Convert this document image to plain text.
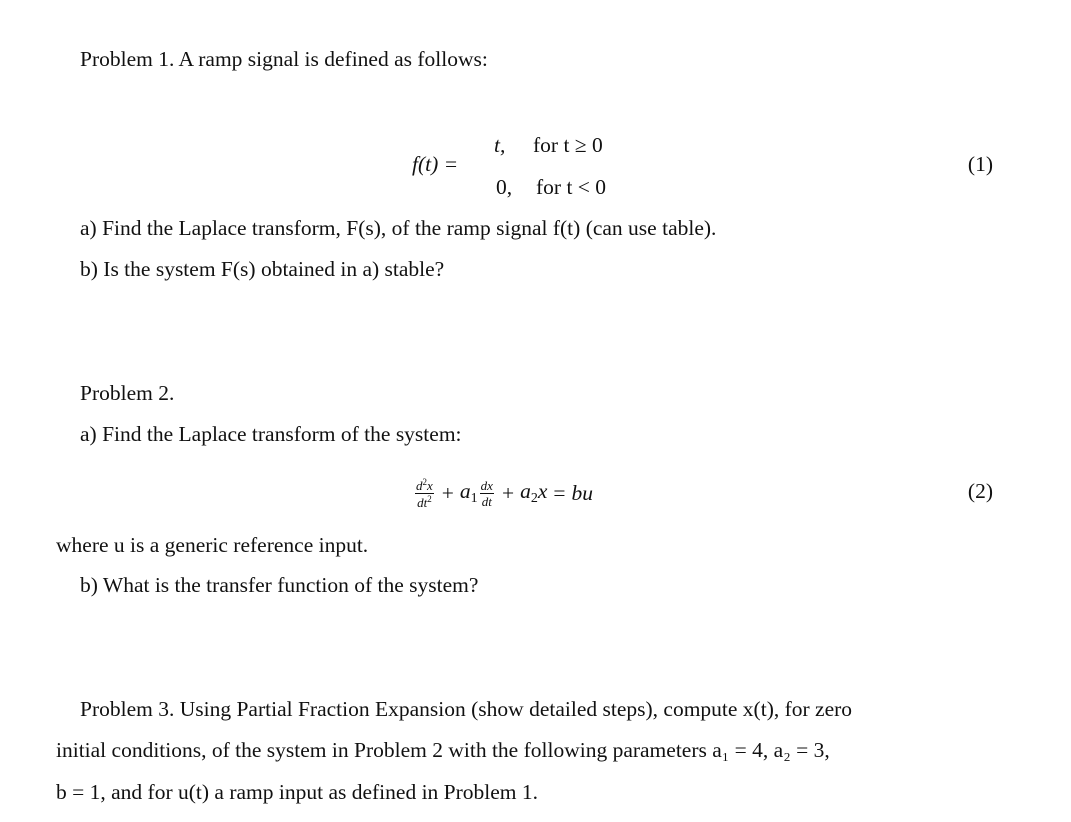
Problem 1. A ramp signal is defined as follows:
f(t) =
t, for t ≥ 0
0, for t < 0
(1)
a) Find the Laplace transform, F(s), of the ramp signal f(t) (can use table).
b) Is the system F(s) obtained in a) stable?
Problem 2.
a) Find the Laplace transform of the system:
$\frac{d^2x}{dt^2} + a_1 \frac{dx}{dt} + a_2x$ = bu	(2)
where u is a generic reference input.
b) What is the transfer function of the system?
Problem 3. Using Partial Fraction Expansion (show detailed steps), compute x(t), for zero
initial conditions, of the system in Problem 2 with the following parameters a₁ = 4, a₂ = 3,
b = 1, and for u(t) a ramp input as defined in Problem 1.
